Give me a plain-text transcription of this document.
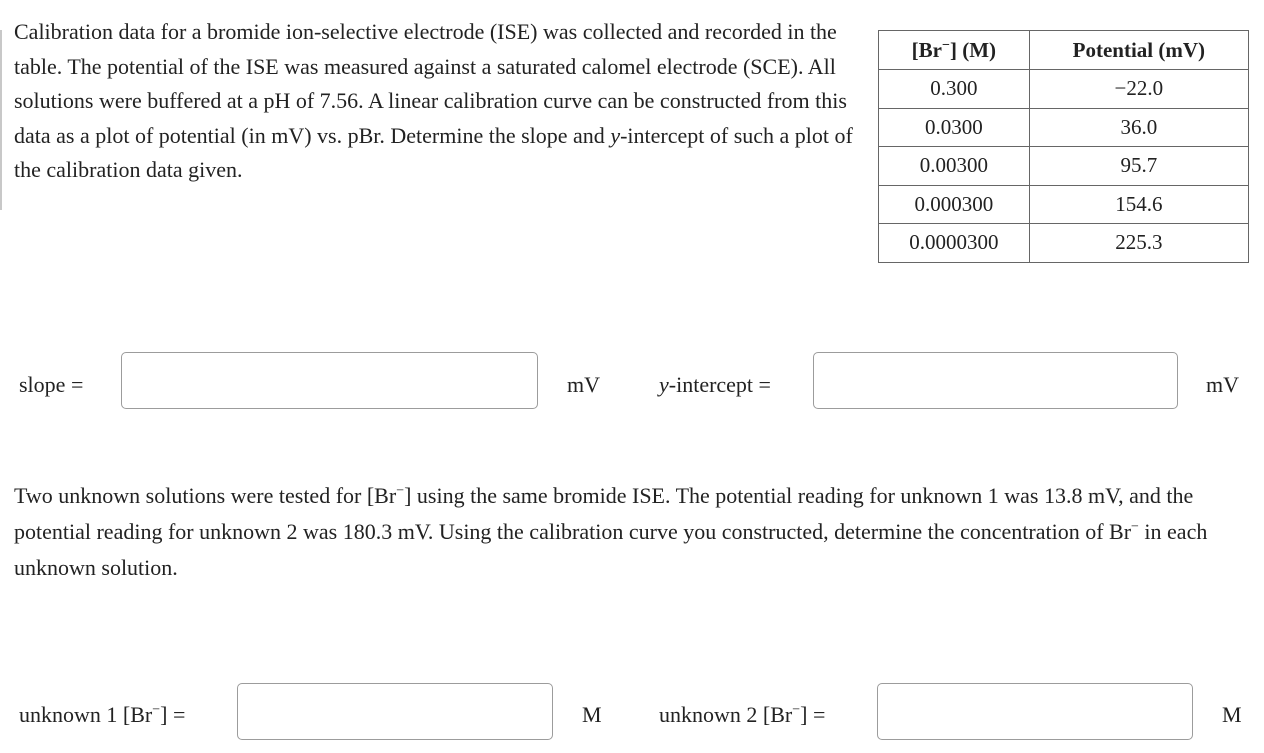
Calibration data for a bromide ion-selective electrode (ISE) was collected and recorded in the table. The potential of the ISE was measured against a saturated calomel electrode (SCE). All solutions were buffered at a pH of 7.56. A linear calibration curve can be constructed from this data as a plot of potential (in mV) vs. pBr. Determine the slope and y-intercept of such a plot of the calibration data given.
[Br−] (M)	Potential (mV)
0.300	−22.0
0.0300	36.0
0.00300	95.7
0.000300	154.6
0.0000300	225.3
slope =	mV	y-intercept =	mV
Two unknown solutions were tested for [Br−] using the same bromide ISE. The potential reading for unknown 1 was 13.8 mV, and the potential reading for unknown 2 was 180.3 mV. Using the calibration curve you constructed, determine the concentration of Br− in each unknown solution.
unknown 1 [Br−] =	M	unknown 2 [Br−] =	M
